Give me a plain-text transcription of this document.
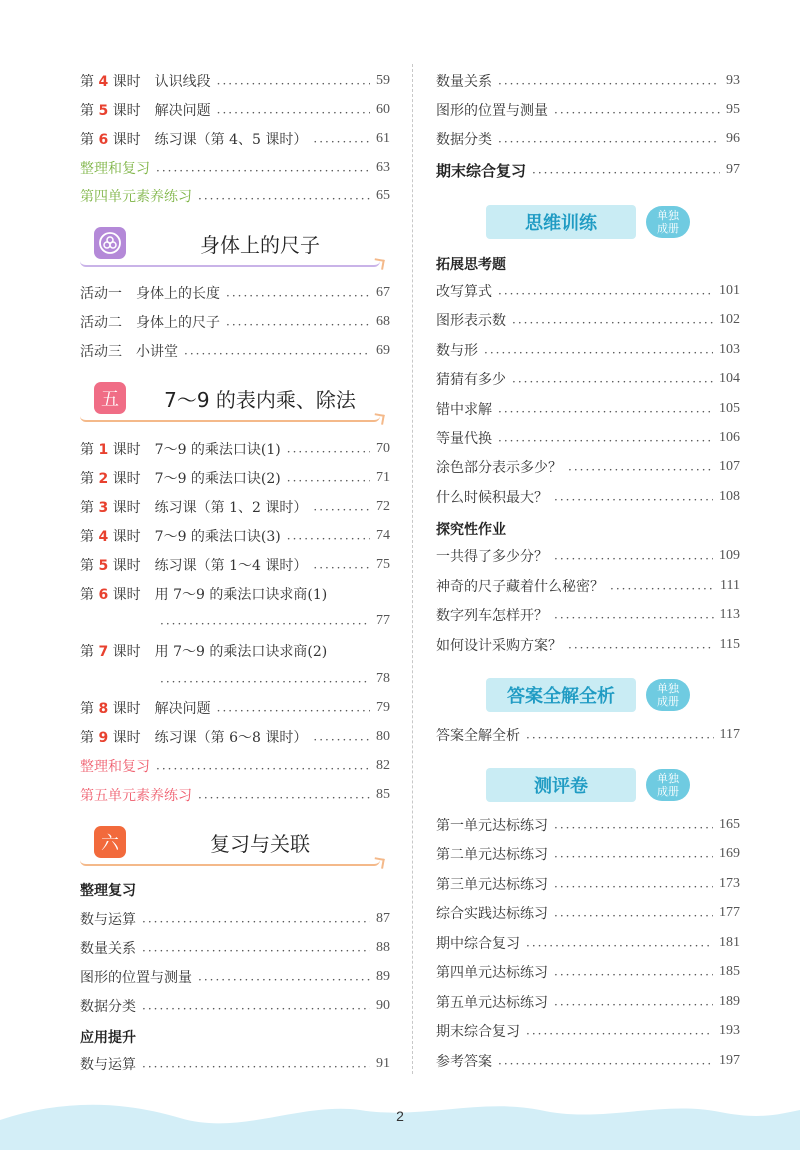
第 4 课时 认识线段 ·····	59
第 5 课时 解决问题 ·····	60
第 6 课时 练习课（第 4、5 课时） ·····	61
整理和复习 ·····	63
第四单元素养练习 ·····	65
身体上的尺子
活动一　身体上的长度 ·····	67
活动二　身体上的尺子 ·····	68
活动三　小讲堂 ·····	69
五	7～9 的表内乘、除法
第 1 课时 7～9 的乘法口诀(1) ·····	70
第 2 课时 7～9 的乘法口诀(2) ·····	71
第 3 课时 练习课（第 1、2 课时） ·····	72
第 4 课时 7～9 的乘法口诀(3) ·····	74
第 5 课时 练习课（第 1～4 课时） ·····	75
第 6 课时 用 7～9 的乘法口诀求商(1)
·····
77
第 7 课时 用 7～9 的乘法口诀求商(2)
·····
78
第 8 课时 解决问题 ·····	79
第 9 课时 练习课（第 6～8 课时） ·····	80
整理和复习 ·····	82
第五单元素养练习 ·····	85
六	复习与关联
整理复习
数与运算 ·····	87
数量关系 ·····	88
图形的位置与测量 ·····	89
数据分类 ·····	90
应用提升
数与运算 ·····	91
数量关系 ·····	93
图形的位置与测量 ·····	95
数据分类 ·····	96
期末综合复习 ·····	97
思维训练	单独
成册
拓展思考题
改写算式 ·····	101
图形表示数 ·····	102
数与形 ·····	103
猜猜有多少 ·····	104
错中求解 ·····	105
等量代换 ·····	106
涂色部分表示多少？ ·····	107
什么时候积最大？ ·····	108
探究性作业
一共得了多少分？ ·····	109
神奇的尺子藏着什么秘密？ ·····	111
数字列车怎样开？ ·····	113
如何设计采购方案？ ·····	115
答案全解全析	单独
成册
答案全解全析 ·····	117
测评卷	单独
成册
第一单元达标练习 ·····	165
第二单元达标练习 ·····	169
第三单元达标练习 ·····	173
综合实践达标练习 ·····	177
期中综合复习 ·····	181
第四单元达标练习 ·····	185
第五单元达标练习 ·····	189
期末综合复习 ·····	193
参考答案 ·····	197
2
